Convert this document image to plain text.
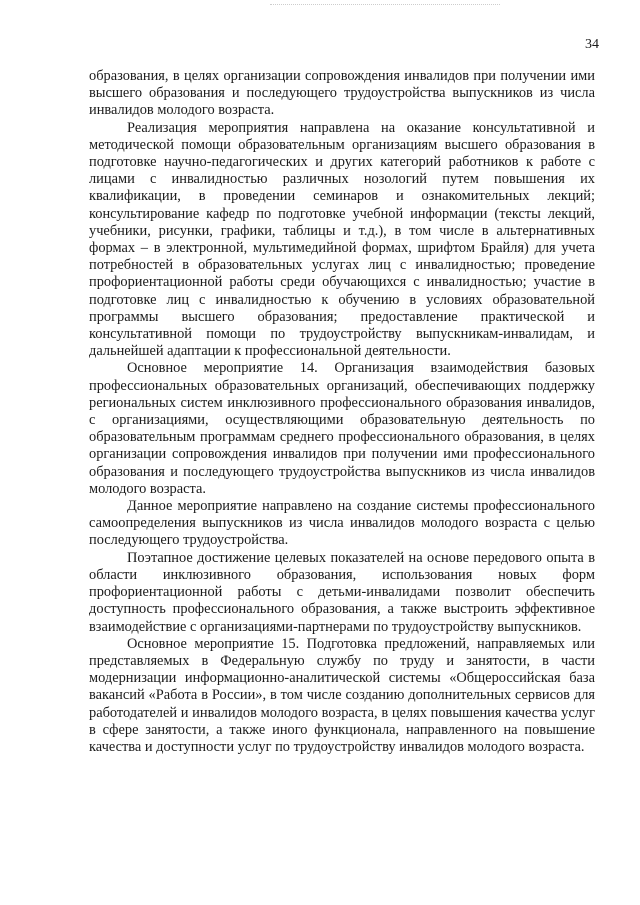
34

образования, в целях организации сопровождения инвалидов при получении ими высшего образования и последующего трудоустройства выпускников из числа инвалидов молодого возраста.

Реализация мероприятия направлена на оказание консультативной и методической помощи образовательным организациям высшего образования в подготовке научно-педагогических и других категорий работников к работе с лицами с инвалидностью различных нозологий путем повышения их квалификации, в проведении семинаров и ознакомительных лекций; консультирование кафедр по подготовке учебной информации (тексты лекций, учебники, рисунки, графики, таблицы и т.д.), в том числе в альтернативных формах – в электронной, мультимедийной формах, шрифтом Брайля) для учета потребностей в образовательных услугах лиц с инвалидностью; проведение профориентационной работы среди обучающихся с инвалидностью; участие в подготовке лиц с инвалидностью к обучению в условиях образовательной программы высшего образования; предоставление практической и консультативной помощи по трудоустройству выпускникам-инвалидам, и дальнейшей адаптации к профессиональной деятельности.

Основное мероприятие 14. Организация взаимодействия базовых профессиональных образовательных организаций, обеспечивающих поддержку региональных систем инклюзивного профессионального образования инвалидов, с организациями, осуществляющими образовательную деятельность по образовательным программам среднего профессионального образования, в целях организации сопровождения инвалидов при получении ими профессионального образования и последующего трудоустройства выпускников из числа инвалидов молодого возраста.

Данное мероприятие направлено на создание системы профессионального самоопределения выпускников из числа инвалидов молодого возраста с целью последующего трудоустройства.

Поэтапное достижение целевых показателей на основе передового опыта в области инклюзивного образования, использования новых форм профориентационной работы с детьми-инвалидами позволит обеспечить доступность профессионального образования, а также выстроить эффективное взаимодействие с организациями-партнерами по трудоустройству выпускников.

Основное мероприятие 15. Подготовка предложений, направляемых или представляемых в Федеральную службу по труду и занятости, в части модернизации информационно-аналитической системы «Общероссийская база вакансий «Работа в России», в том числе созданию дополнительных сервисов для работодателей и инвалидов молодого возраста, в целях повышения качества услуг в сфере занятости, а также иного функционала, направленного на повышение качества и доступности услуг по трудоустройству инвалидов молодого возраста.
